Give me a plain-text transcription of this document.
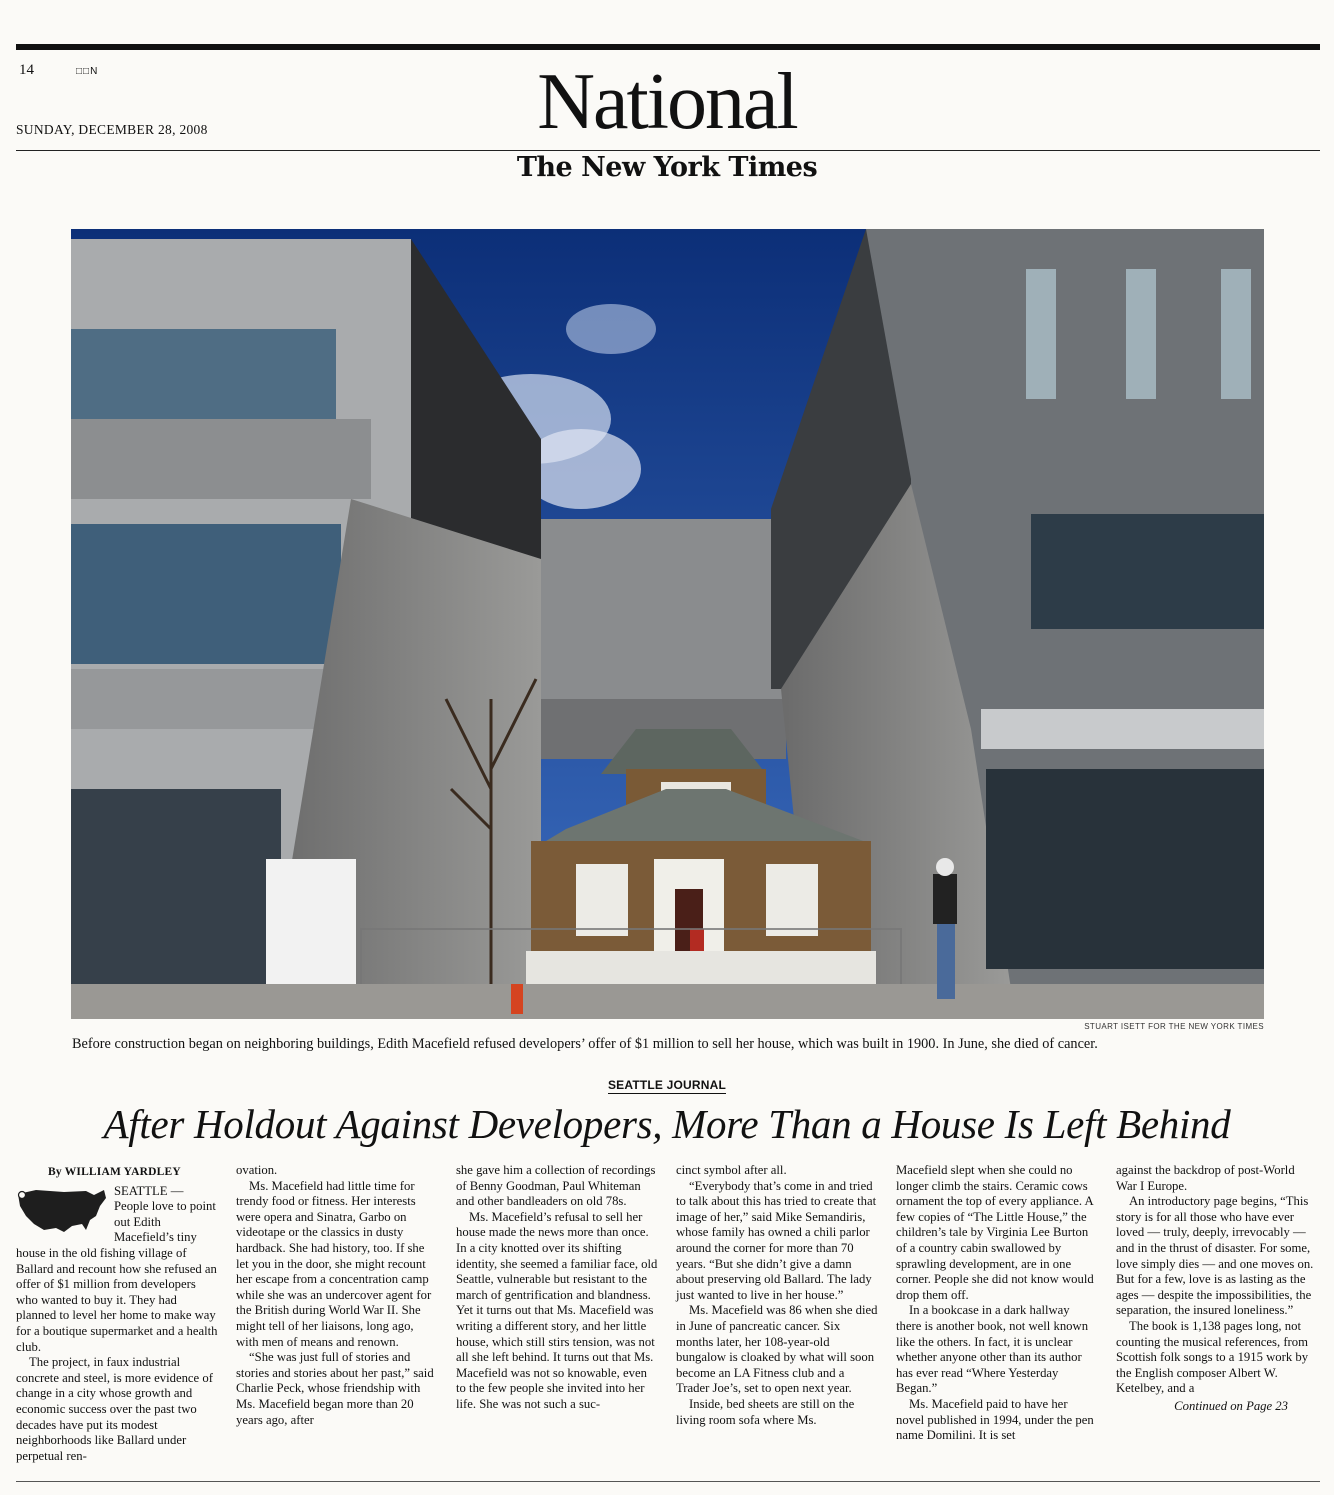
14	□□N	National
SUNDAY, DECEMBER 28, 2008
The New York Times
STUART ISETT FOR THE NEW YORK TIMES
Before construction began on neighboring buildings, Edith Macefield refused developers’ offer of $1 million to sell her house, which was built in 1900. In June, she died of cancer.
SEATTLE JOURNAL
After Holdout Against Developers, More Than a House Is Left Behind
By WILLIAM YARDLEY

SEATTLE — People love to point out Edith Macefield’s tiny house in the old fishing village of Ballard and recount how she refused an offer of $1 million from developers who wanted to buy it. They had planned to level her home to make way for a boutique supermarket and a health club.

The project, in faux industrial concrete and steel, is more evidence of change in a city whose growth and economic success over the past two decades have put its modest neighborhoods like Ballard under perpetual ren-

ovation.

Ms. Macefield had little time for trendy food or fitness. Her interests were opera and Sinatra, Garbo on videotape or the classics in dusty hardback. She had history, too. If she let you in the door, she might recount her escape from a concentration camp while she was an undercover agent for the British during World War II. She might tell of her liaisons, long ago, with men of means and renown.

“She was just full of stories and stories and stories about her past,” said Charlie Peck, whose friendship with Ms. Macefield began more than 20 years ago, after

she gave him a collection of recordings of Benny Goodman, Paul Whiteman and other bandleaders on old 78s.

Ms. Macefield’s refusal to sell her house made the news more than once. In a city knotted over its shifting identity, she seemed a familiar face, old Seattle, vulnerable but resistant to the march of gentrification and blandness. Yet it turns out that Ms. Macefield was writing a different story, and her little house, which still stirs tension, was not all she left behind. It turns out that Ms. Macefield was not so knowable, even to the few people she invited into her life. She was not such a suc-

cinct symbol after all.

“Everybody that’s come in and tried to talk about this has tried to create that image of her,” said Mike Semandiris, whose family has owned a chili parlor around the corner for more than 70 years. “But she didn’t give a damn about preserving old Ballard. The lady just wanted to live in her house.”

Ms. Macefield was 86 when she died in June of pancreatic cancer. Six months later, her 108-year-old bungalow is cloaked by what will soon become an LA Fitness club and a Trader Joe’s, set to open next year.

Inside, bed sheets are still on the living room sofa where Ms.

Macefield slept when she could no longer climb the stairs. Ceramic cows ornament the top of every appliance. A few copies of “The Little House,” the children’s tale by Virginia Lee Burton of a country cabin swallowed by sprawling development, are in one corner. People she did not know would drop them off.

In a bookcase in a dark hallway there is another book, not well known like the others. In fact, it is unclear whether anyone other than its author has ever read “Where Yesterday Began.”

Ms. Macefield paid to have her novel published in 1994, under the pen name Domilini. It is set

against the backdrop of post-World War I Europe.

An introductory page begins, “This story is for all those who have ever loved — truly, deeply, irrevocably — and in the thrust of disaster. For some, love simply dies — and one moves on. But for a few, love is as lasting as the ages — despite the impossibilities, the separation, the insured loneliness.”

The book is 1,138 pages long, not counting the musical references, from Scottish folk songs to a 1915 work by the English composer Albert W. Ketelbey, and a

Continued on Page 23
